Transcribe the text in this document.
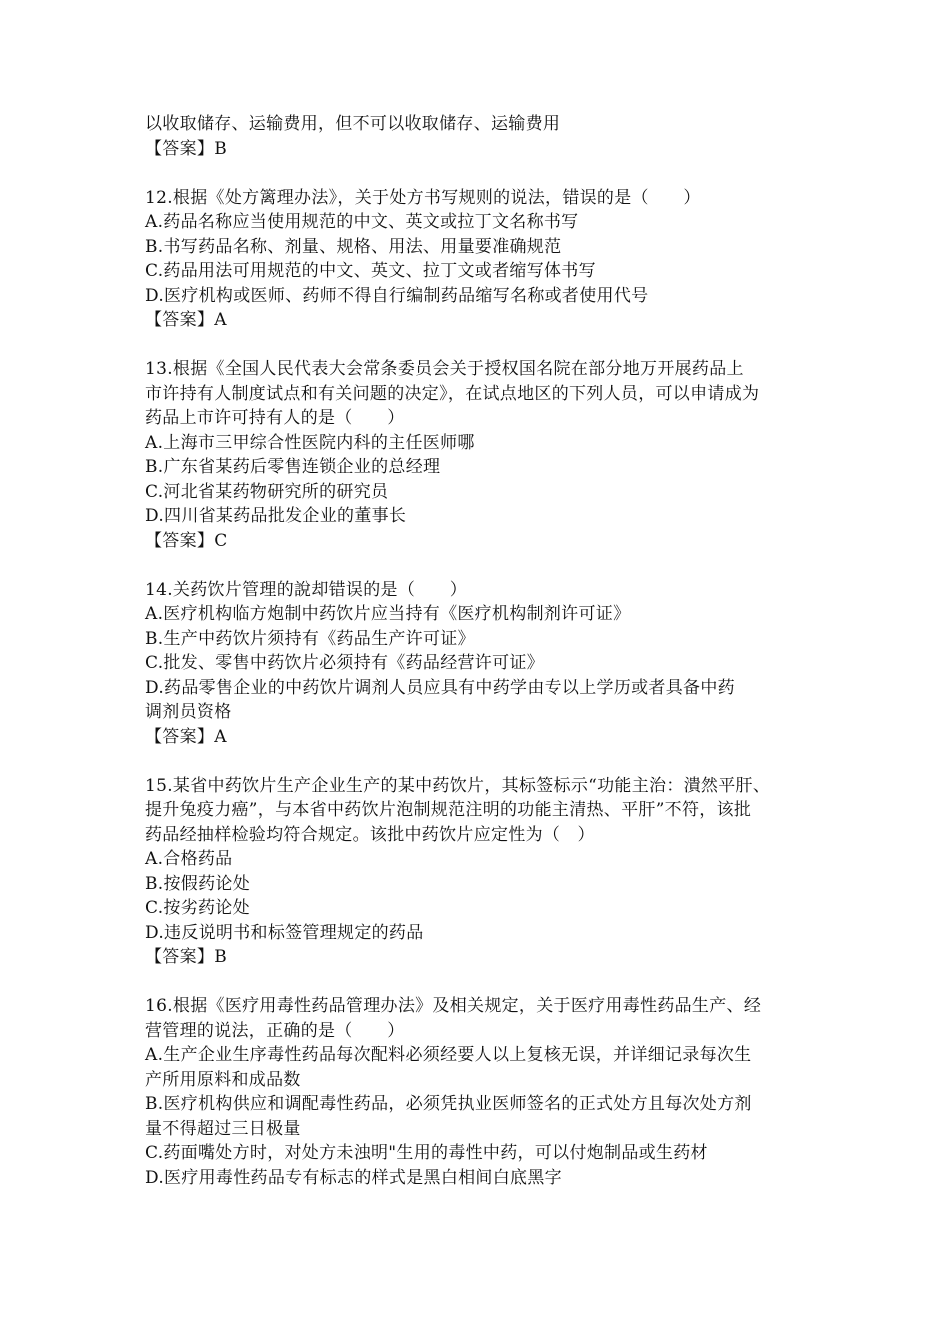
以收取储存、运输费用，但不可以收取储存、运输费用
【答案】B
12.根据《处方篱理办法》，关于处方书写规则的说法，错误的是（　　）
A.药品名称应当使用规范的中文、英文或拉丁文名称书写
B.书写药品名称、剂量、规格、用法、用量要准确规范
C.药品用法可用规范的中文、英文、拉丁文或者缩写体书写
D.医疗机构或医师、药师不得自行编制药品缩写名称或者使用代号
【答案】A
13.根据《全国人民代表大会常条委员会关于授权国名院在部分地万开展药品上
市许持有人制度试点和有关问题的决定》，在试点地区的下列人员，可以申请成为
药品上市许可持有人的是（　　）
A.上海市三甲综合性医院内科的主任医师哪
B.广东省某药后零售连锁企业的总经理
C.河北省某药物研究所的研究员
D.四川省某药品批发企业的董事长
【答案】C
14.关药饮片管理的說却错误的是（　　）
A.医疗机构临方炮制中药饮片应当持有《医疗机构制剂许可证》
B.生产中药饮片须持有《药品生产许可证》
C.批发、零售中药饮片必须持有《药品经营许可证》
D.药品零售企业的中药饮片调剂人员应具有中药学由专以上学历或者具备中药
调剂员资格
【答案】A
15.某省中药饮片生产企业生产的某中药饮片，其标签标示“功能主治：潰然平肝、
提升兔疫力癌”，与本省中药饮片泡制规范注明的功能主清热、平肝”不符，该批
药品经抽样检验均符合规定。该批中药饮片应定性为（　）
A.合格药品
B.按假药论处
C.按劣药论处
D.违反说明书和标签管理规定的药品
【答案】B
16.根据《医疗用毒性药品管理办法》及相关规定，关于医疗用毒性药品生产、经
营管理的说法，正确的是（　　）
A.生产企业生序毒性药品每次配料必须经要人以上复核无误，并详细记录每次生
产所用原料和成品数
B.医疗机构供应和调配毒性药品，必须凭执业医师签名的正式处方且每次处方剂
量不得超过三日极量
C.药面嘴处方时，对处方未浊明"生用的毒性中药，可以付炮制品或生药材
D.医疗用毒性药品专有标志的样式是黑白相间白底黑字
